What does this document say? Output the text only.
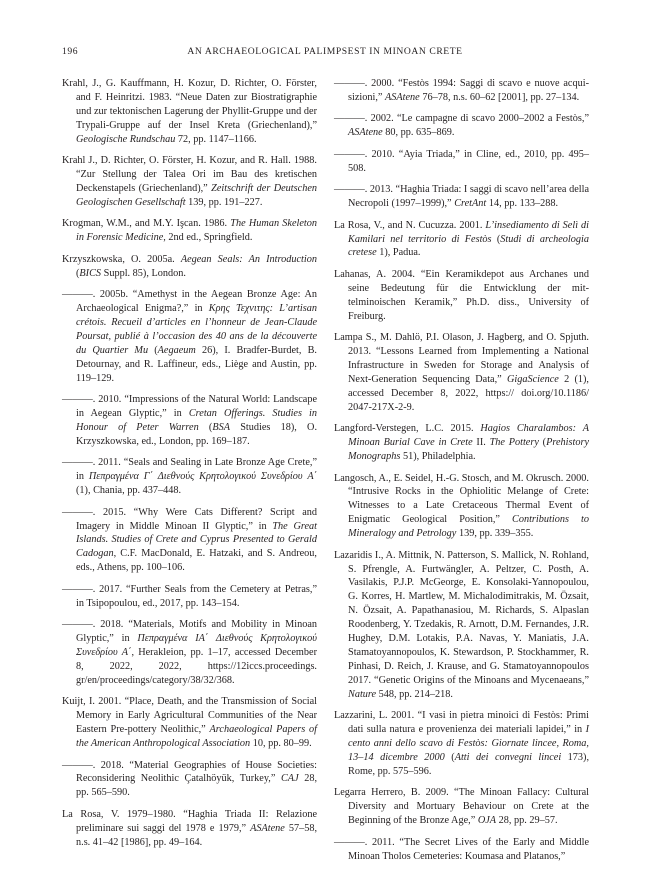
196	AN ARCHAEOLOGICAL PALIMPSEST IN MINOAN CRETE

Krahl, J., G. Kauffmann, H. Kozur, D. Richter, O. Förster, and F. Heinritzi. 1983. “Neue Daten zur Biostratigraphie und zur tektonischen Lagerung der Phyllit-Gruppe und der Trypali-Gruppe auf der Insel Kreta (Griechenland),” Geologische Rundschau 72, pp. 1147–1166.

Krahl J., D. Richter, O. Förster, H. Kozur, and R. Hall. 1988. “Zur Stellung der Talea Ori im Bau des kretischen Deckenstapels (Griechenland),” Zeitschrift der Deutschen Geologischen Gesellschaft 139, pp. 191–227.

Krogman, W.M., and M.Y. Işcan. 1986. The Human Skeleton in Forensic Medicine, 2nd ed., Springfield.

Krzyszkowska, O. 2005a. Aegean Seals: An Introduction (BICS Suppl. 85), London.

———. 2005b. “Amethyst in the Aegean Bronze Age: An Archaeological Enigma?,” in Κρης Τεχνιτης: L’artisan crétois. Recueil d’articles en l’honneur de Jean-Claude Poursat, publié à l’occasion des 40 ans de la découverte du Quartier Mu (Aegaeum 26), I. Bradfer-Burdet, B. Detournay, and R. Laffineur, eds., Liège and Austin, pp. 119–129.

———. 2010. “Impressions of the Natural World: Landscape in Aegean Glyptic,” in Cretan Offerings. Studies in Honour of Peter Warren (BSA Studies 18), O. Krzyszkowska, ed., London, pp. 169–187.

———. 2011. “Seals and Sealing in Late Bronze Age Crete,” in Πεπραγμένα Γ΄ Διεθνούς Κρητολογικού Συνεδρίου Α΄ (1), Chania, pp. 437–448.

———. 2015. “Why Were Cats Different? Script and Imagery in Middle Minoan II Glyptic,” in The Great Islands. Studies of Crete and Cyprus Presented to Gerald Cadogan, C.F. MacDonald, E. Hatzaki, and S. Andreou, eds., Athens, pp. 100–106.

———. 2017. “Further Seals from the Cemetery at Petras,” in Tsipopoulou, ed., 2017, pp. 143–154.

———. 2018. “Materials, Motifs and Mobility in Minoan Glyptic,” in Πεπραγμένα ΙΑ΄ Διεθνούς Κρητολογικού Συνεδρίου Α΄, Herakleion, pp. 1–17, accessed December 8, 2022, 2022, https://12iccs.proceedings. gr/en/proceedings/category/38/32/368.

Kuijt, I. 2001. “Place, Death, and the Transmission of Social Memory in Early Agricultural Communities of the Near Eastern Pre-pottery Neolithic,” Archaeological Papers of the American Anthropological Association 10, pp. 80–99.

———. 2018. “Material Geographies of House Societies: Reconsidering Neolithic Çatalhöyük, Turkey,” CAJ 28, pp. 565–590.

La Rosa, V. 1979–1980. “Haghia Triada II: Relazione preliminare sui saggi del 1978 e 1979,” ASAtene 57–58, n.s. 41–42 [1986], pp. 49–164.

———. 2000. “Festòs 1994: Saggi di scavo e nuove acquisizioni,” ASAtene 76–78, n.s. 60–62 [2001], pp. 27–134.

———. 2002. “Le campagne di scavo 2000–2002 a Festòs,” ASAtene 80, pp. 635–869.

———. 2010. “Ayia Triada,” in Cline, ed., 2010, pp. 495–508.

———. 2013. “Haghia Triada: I saggi di scavo nell’area della Necropoli (1997–1999),” CretAnt 14, pp. 133–288.

La Rosa, V., and N. Cucuzza. 2001. L’insediamento di Selì di Kamilari nel territorio di Festòs (Studi di archeologia cretese 1), Padua.

Lahanas, A. 2004. “Ein Keramikdepot aus Archanes und seine Bedeutung für die Entwicklung der mittelminoischen Keramik,” Ph.D. diss., University of Freiburg.

Lampa S., M. Dahlö, P.I. Olason, J. Hagberg, and O. Spjuth. 2013. “Lessons Learned from Implementing a National Infrastructure in Sweden for Storage and Analysis of Next-Generation Sequencing Data,” GigaScience 2 (1), accessed December 8, 2022, https:// doi.org/10.1186/ 2047-217X-2-9.

Langford-Verstegen, L.C. 2015. Hagios Charalambos: A Minoan Burial Cave in Crete II. The Pottery (Prehistory Monographs 51), Philadelphia.

Langosch, A., E. Seidel, H.-G. Stosch, and M. Okrusch. 2000. “Intrusive Rocks in the Ophiolitic Melange of Crete: Witnesses to a Late Cretaceous Thermal Event of Enigmatic Geological Position,” Contributions to Mineralogy and Petrology 139, pp. 339–355.

Lazaridis I., A. Mittnik, N. Patterson, S. Mallick, N. Rohland, S. Pfrengle, A. Furtwängler, A. Peltzer, C. Posth, A. Vasilakis, P.J.P. McGeorge, E. Konsolaki-Yannopoulou, G. Korres, H. Martlew, M. Michalodimitrakis, M. Özsait, N. Özsait, A. Papathanasiou, M. Richards, S. Alpaslan Roodenberg, Y. Tzedakis, R. Arnott, D.M. Fernandes, J.R. Hughey, D.M. Lotakis, P.A. Navas, Y. Maniatis, J.A. Stamatoyannopoulos, K. Stewardson, P. Stockhammer, R. Pinhasi, D. Reich, J. Krause, and G. Stamatoyannopoulos 2017. “Genetic Origins of the Minoans and Mycenaeans,” Nature 548, pp. 214–218.

Lazzarini, L. 2001. “I vasi in pietra minoici di Festòs: Primi dati sulla natura e provenienza dei materiali lapidei,” in I cento anni dello scavo di Festòs: Giornate lincee, Roma, 13–14 dicembre 2000 (Atti dei convegni lincei 173), Rome, pp. 575–596.

Legarra Herrero, B. 2009. “The Minoan Fallacy: Cultural Diversity and Mortuary Behaviour on Crete at the Beginning of the Bronze Age,” OJA 28, pp. 29–57.

———. 2011. “The Secret Lives of the Early and Middle Minoan Tholos Cemeteries: Koumasa and Platanos,”
